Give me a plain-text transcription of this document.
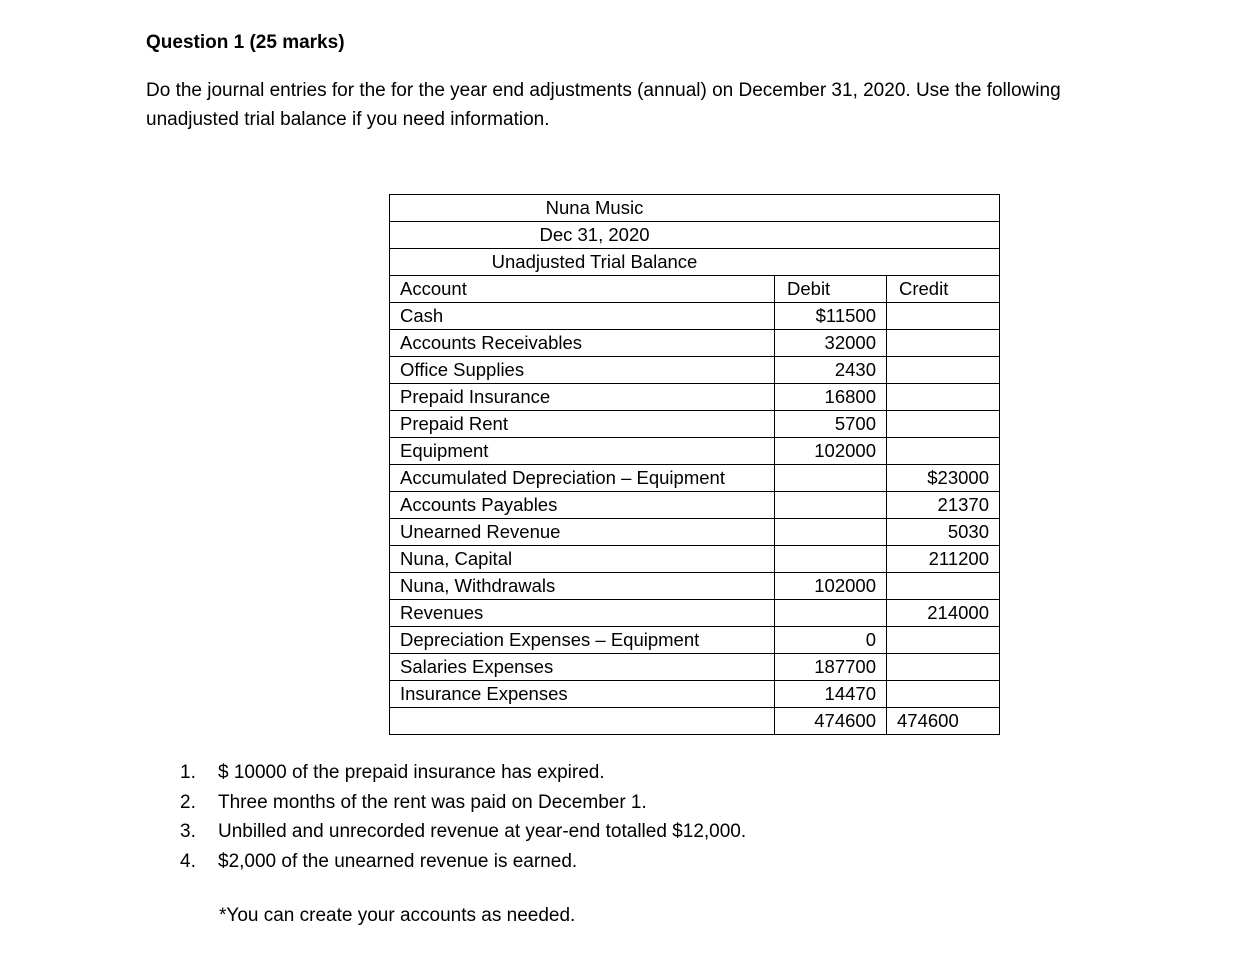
Question 1 (25 marks)
Do the journal entries for the for the year end adjustments (annual) on December 31, 2020. Use the following unadjusted trial balance if you need information.
Nuna Music		
Dec 31, 2020		
Unadjusted Trial Balance		
Account	Debit	Credit
Cash	$11500	
Accounts Receivables	32000	
Office Supplies	2430	
Prepaid Insurance	16800	
Prepaid Rent	5700	
Equipment	102000	
Accumulated Depreciation – Equipment		$23000
Accounts Payables		21370
Unearned Revenue		5030
Nuna, Capital		211200
Nuna, Withdrawals	102000	
Revenues		214000
Depreciation Expenses – Equipment	0	
Salaries Expenses	187700	
Insurance Expenses	14470	
	474600	474600
1. $ 10000 of the prepaid insurance has expired.
2. Three months of the rent was paid on December 1.
3. Unbilled and unrecorded revenue at year-end totalled $12,000.
4. $2,000 of the unearned revenue is earned.
*You can create your accounts as needed.
